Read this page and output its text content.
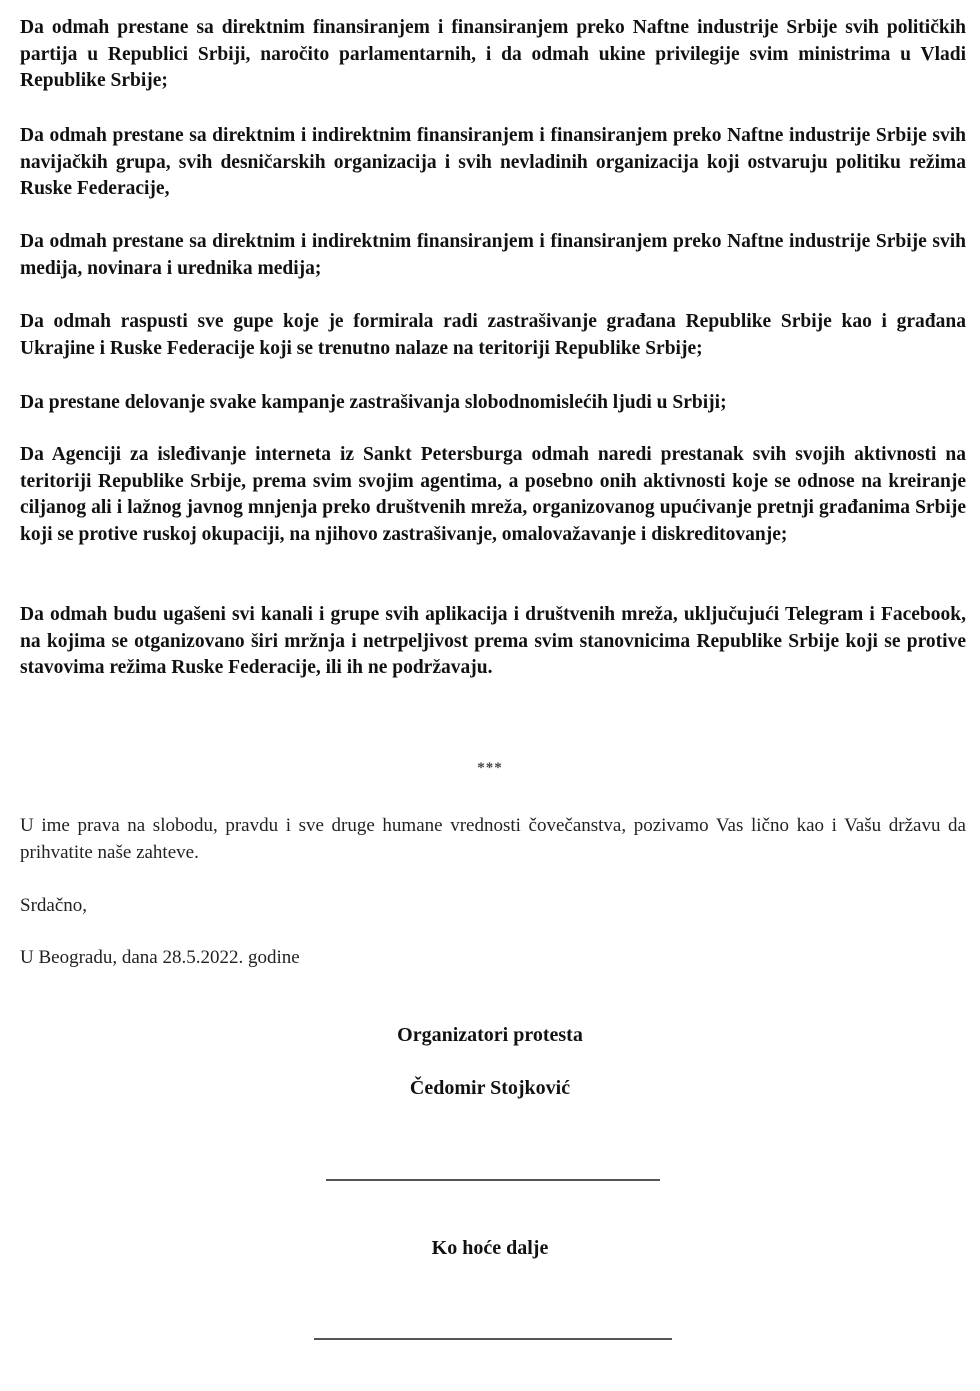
Da odmah prestane sa direktnim finansiranjem i finansiranjem preko Naftne industrije Srbije svih političkih partija u Republici Srbiji, naročito parlamentarnih, i da odmah ukine privilegije svim ministrima u Vladi Republike Srbije;

Da odmah prestane sa direktnim i indirektnim finansiranjem i finansiranjem preko Naftne industrije Srbije svih navijačkih grupa, svih desničarskih organizacija i svih nevladinih organizacija koji ostvaruju politiku režima Ruske Federacije,

Da odmah prestane sa direktnim i indirektnim finansiranjem i finansiranjem preko Naftne industrije Srbije svih medija, novinara i urednika medija;

Da odmah raspusti sve gupe koje je formirala radi zastrašivanje građana Republike Srbije kao i građana Ukrajine i Ruske Federacije koji se trenutno nalaze na teritoriji Republike Srbije;

Da prestane delovanje svake kampanje zastrašivanja slobodnomislećih ljudi u Srbiji;

Da Agenciji za isleđivanje interneta iz Sankt Petersburga odmah naredi prestanak svih svojih aktivnosti na teritoriji Republike Srbije, prema svim svojim agentima, a posebno onih aktivnosti koje se odnose na kreiranje ciljanog ali i lažnog javnog mnjenja preko društvenih mreža, organizovanog upućivanje pretnji građanima Srbije koji se protive ruskoj okupaciji, na njihovo zastrašivanje, omalovažavanje i diskreditovanje;

Da odmah budu ugašeni svi kanali i grupe svih aplikacija i društvenih mreža, uključujući Telegram i Facebook, na kojima se otganizovano širi mržnja i netrpeljivost prema svim stanovnicima Republike Srbije koji se protive stavovima režima Ruske Federacije, ili ih ne podržavaju.

***

U ime prava na slobodu, pravdu i sve druge humane vrednosti čovečanstva, pozivamo Vas lično kao i Vašu državu da prihvatite naše zahteve.

Srdačno,

U Beogradu, dana 28.5.2022. godine

Organizatori protesta

Čedomir Stojković

Ko hoće dalje
